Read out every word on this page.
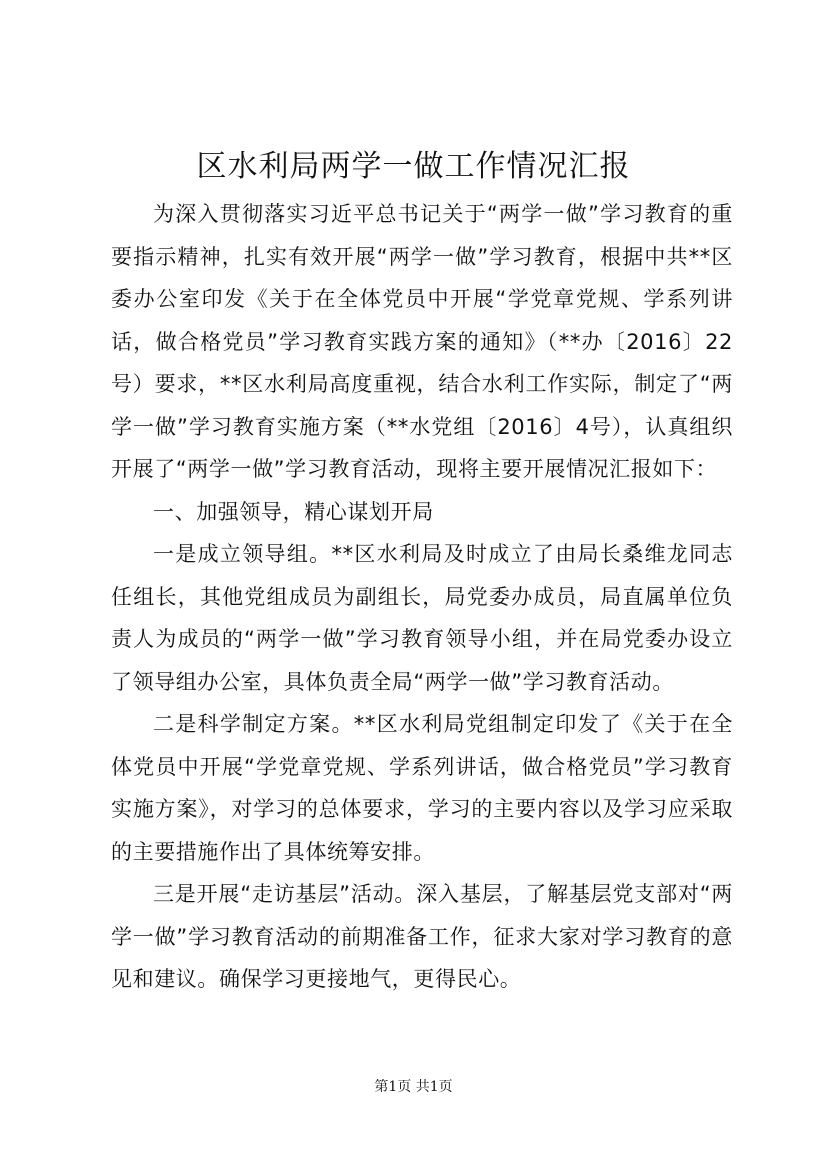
区水利局两学一做工作情况汇报

为深入贯彻落实习近平总书记关于“两学一做”学习教育的重要指示精神，扎实有效开展“两学一做”学习教育，根据中共**区委办公室印发《关于在全体党员中开展“学党章党规、学系列讲话，做合格党员”学习教育实践方案的通知》（**办〔2016〕22号）要求，**区水利局高度重视，结合水利工作实际，制定了“两学一做”学习教育实施方案（**水党组〔2016〕4号），认真组织开展了“两学一做”学习教育活动，现将主要开展情况汇报如下：

一、加强领导，精心谋划开局

一是成立领导组。**区水利局及时成立了由局长桑维龙同志任组长，其他党组成员为副组长，局党委办成员，局直属单位负责人为成员的“两学一做”学习教育领导小组，并在局党委办设立了领导组办公室，具体负责全局“两学一做”学习教育活动。

二是科学制定方案。**区水利局党组制定印发了《关于在全体党员中开展“学党章党规、学系列讲话，做合格党员”学习教育实施方案》，对学习的总体要求，学习的主要内容以及学习应采取的主要措施作出了具体统筹安排。

三是开展“走访基层”活动。深入基层，了解基层党支部对“两学一做”学习教育活动的前期准备工作，征求大家对学习教育的意见和建议。确保学习更接地气，更得民心。

第1页 共1页
